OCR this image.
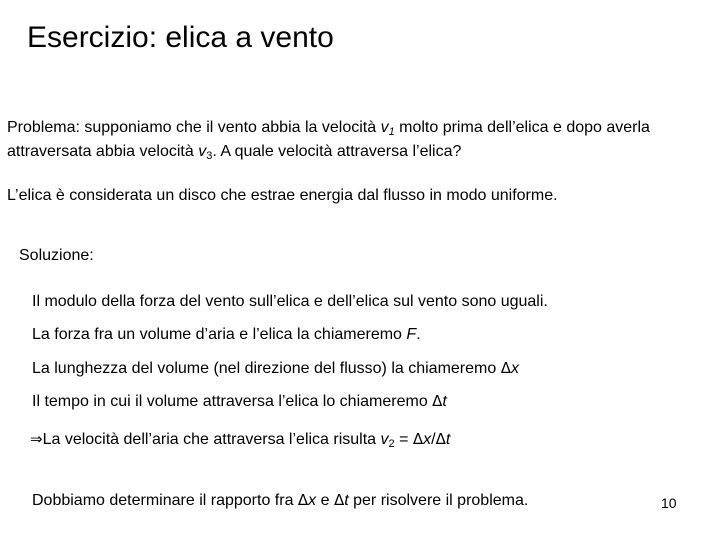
Esercizio: elica a vento

Problema: supponiamo che il vento abbia la velocità $v_1$ molto prima dell’elica e dopo averla attraversata abbia velocità $v_3$. A quale velocità attraversa l’elica?

L’elica è considerata un disco che estrae energia dal flusso in modo uniforme.
Soluzione:
Il modulo della forza del vento sull’elica e dell’elica sul vento sono uguali.
La forza fra un volume d’aria e l’elica la chiameremo F.
La lunghezza del volume (nel direzione del flusso) la chiameremo Δx
Il tempo in cui il volume attraversa l’elica lo chiameremo Δt
⇒La velocità dell’aria che attraversa l’elica risulta $v_2 = \Delta x/\Delta t$
Dobbiamo determinare il rapporto fra Δx e Δt per risolvere il problema.	10
